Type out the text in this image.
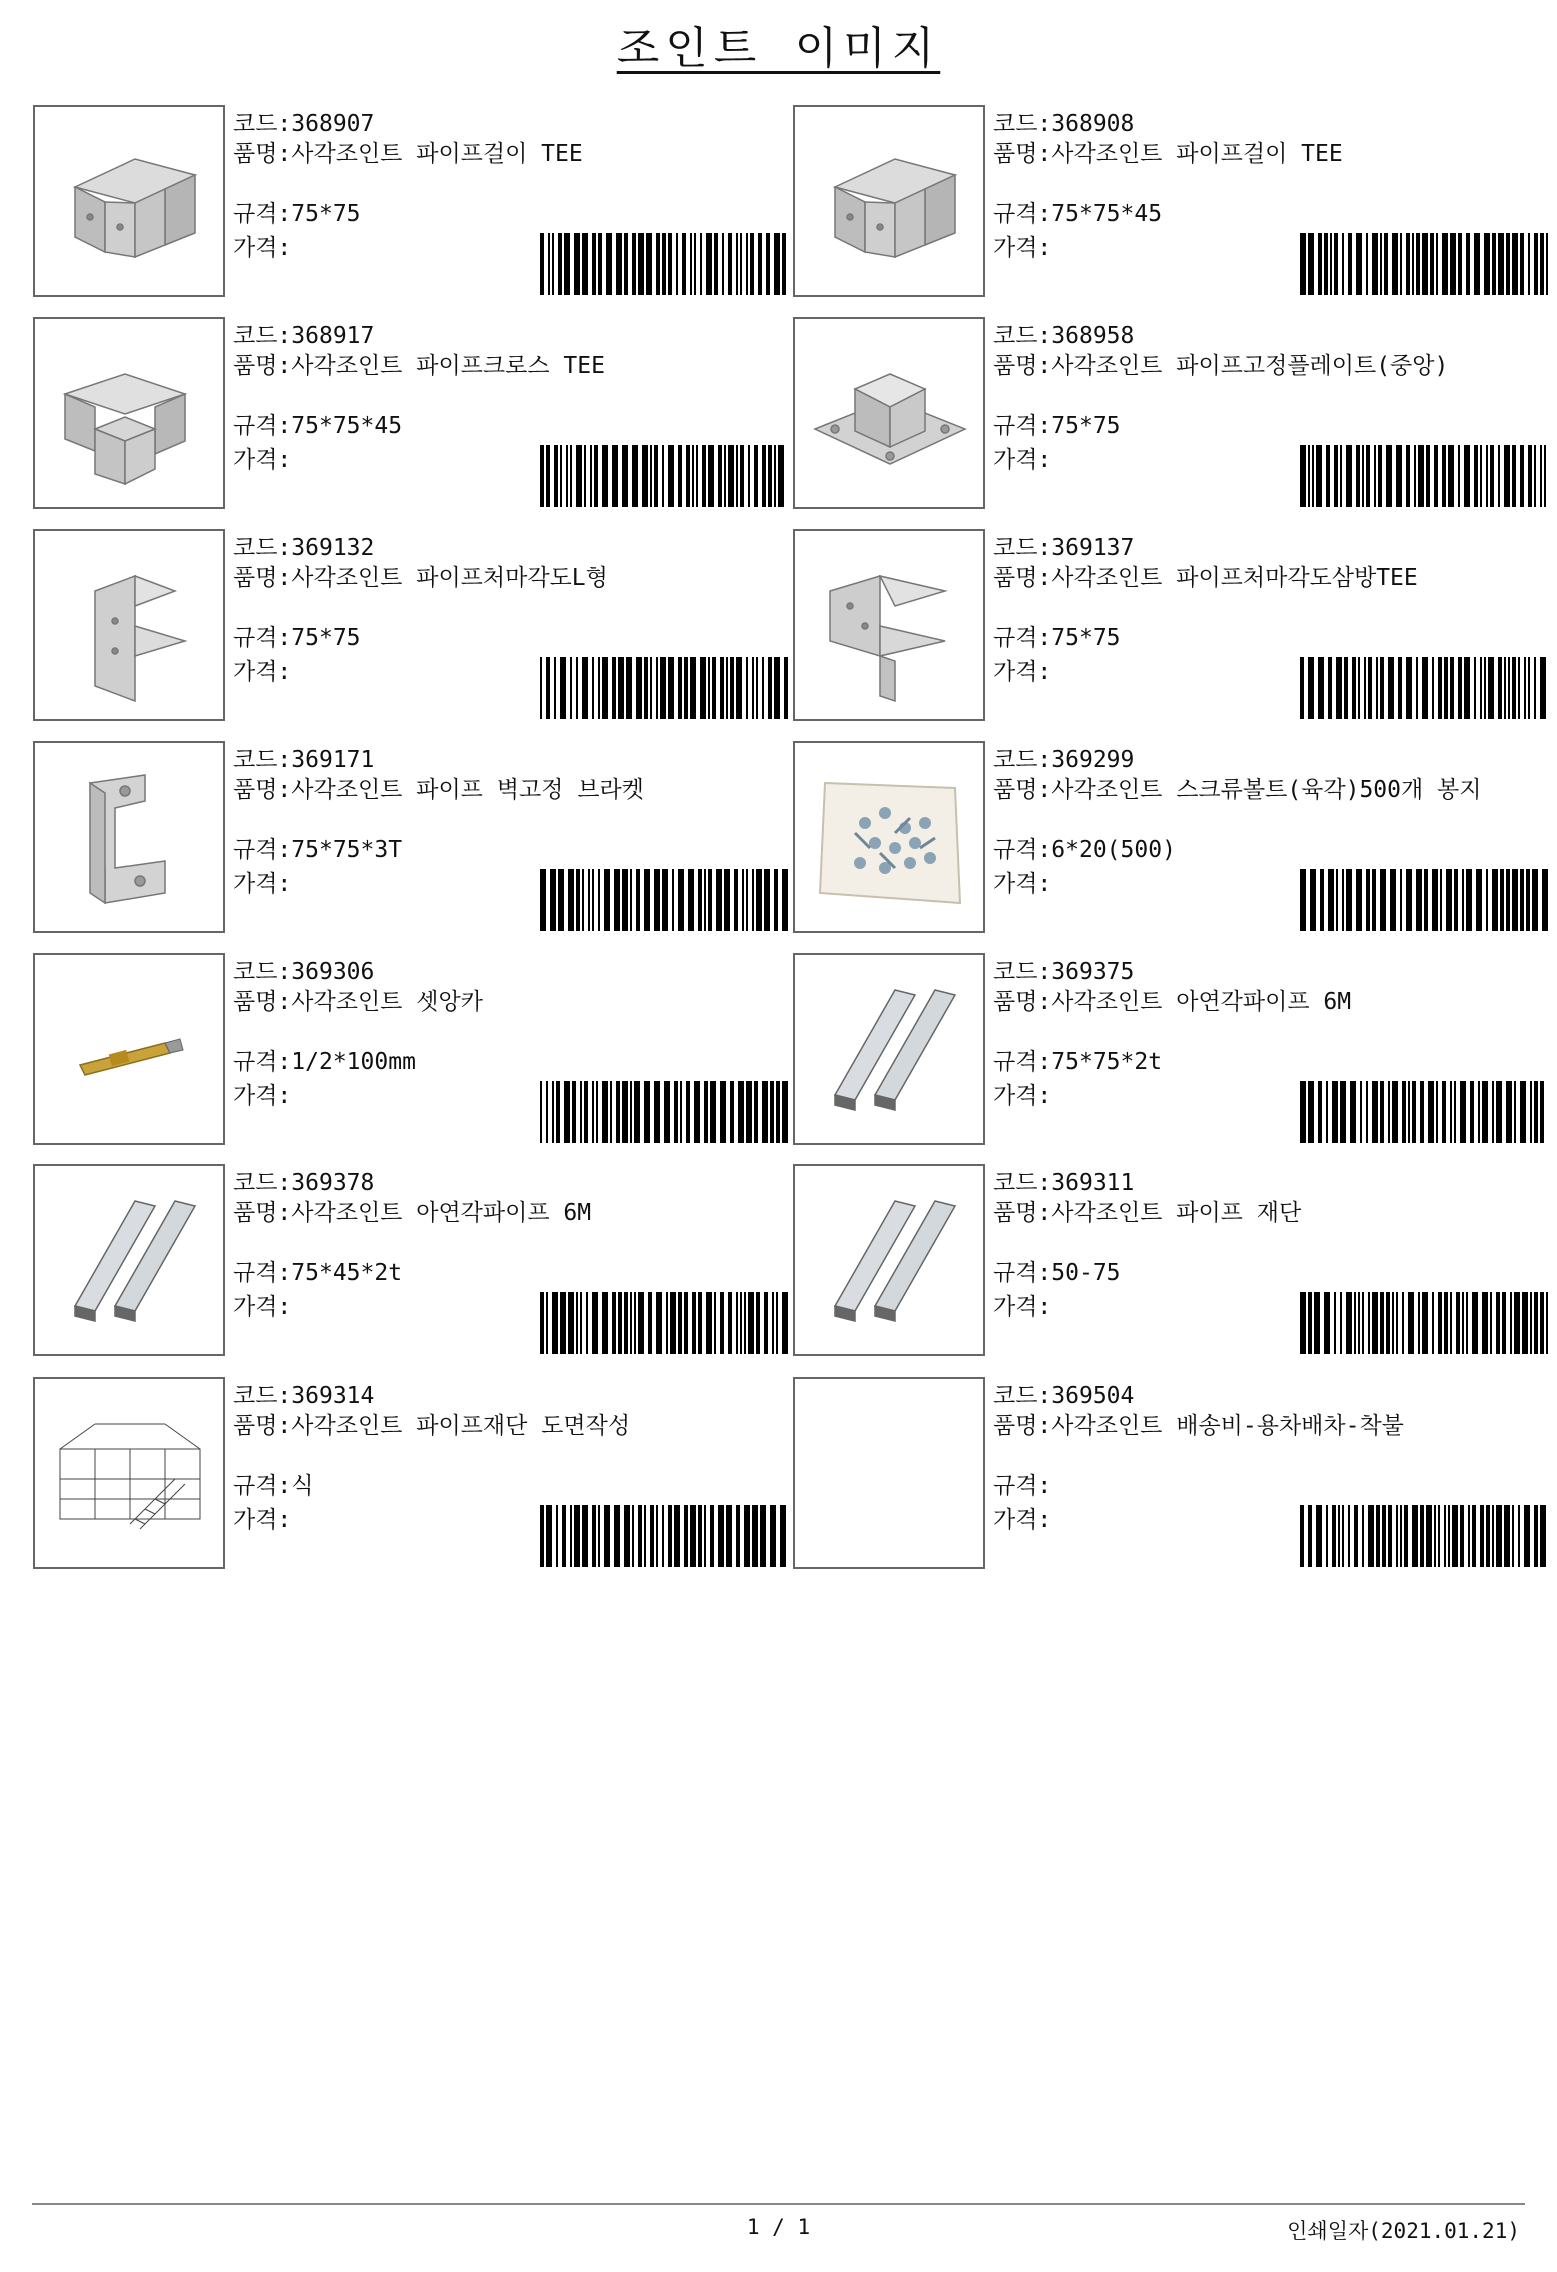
조인트 이미지
코드: 368907
품명: 사각조인트 파이프걸이 TEE
규격: 75*75
가격:
코드: 368908
품명: 사각조인트 파이프걸이 TEE
규격: 75*75*45
가격:
코드: 368917
품명: 사각조인트 파이프크로스 TEE
규격: 75*75*45
가격:
코드: 368958
품명: 사각조인트 파이프고정플레이트(중앙)
규격: 75*75
가격:
코드: 369132
품명: 사각조인트 파이프처마각도L형
규격: 75*75
가격:
코드: 369137
품명: 사각조인트 파이프처마각도삼방TEE
규격: 75*75
가격:
코드: 369171
품명: 사각조인트 파이프 벽고정 브라켓
규격: 75*75*3T
가격:
코드: 369299
품명: 사각조인트 스크류볼트(육각)500개 봉지
규격: 6*20(500)
가격:
코드: 369306
품명: 사각조인트 셋앙카
규격: 1/2*100mm
가격:
코드: 369375
품명: 사각조인트 아연각파이프 6M
규격: 75*75*2t
가격:
코드: 369378
품명: 사각조인트 아연각파이프 6M
규격: 75*45*2t
가격:
코드: 369311
품명: 사각조인트 파이프 재단
규격: 50-75
가격:
코드: 369314
품명: 사각조인트 파이프재단 도면작성
규격: 식
가격:
코드: 369504
품명: 사각조인트 배송비-용차배차-착불
규격:
가격:
1 / 1	인쇄일자(2021.01.21)
